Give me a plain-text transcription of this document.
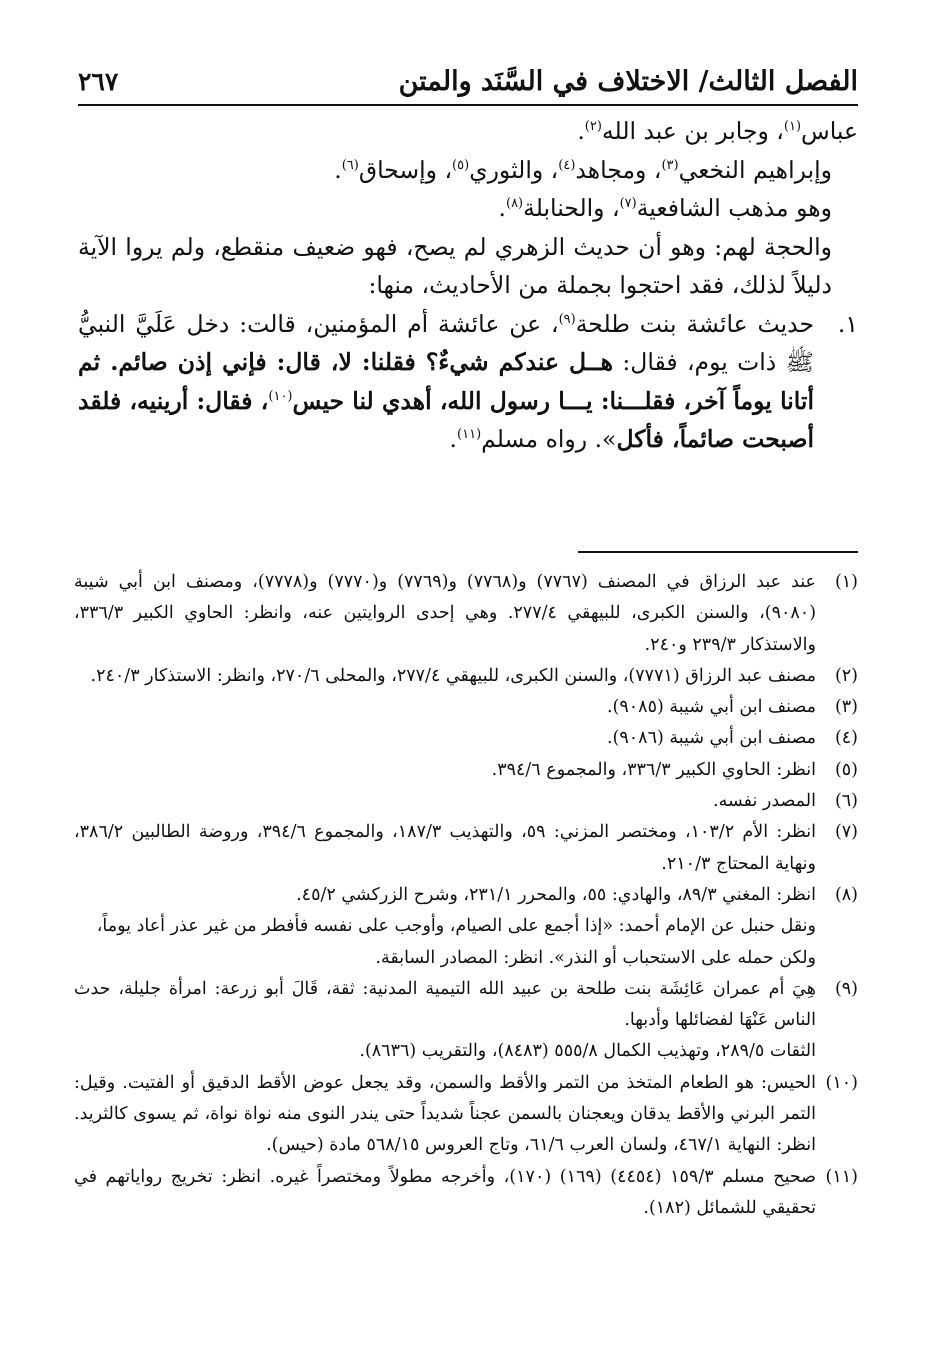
الفصل الثالث/ الاختلاف في السَّنَد والمتن
٢٦٧

عباس$^{(١)}$، وجابر بن عبد الله$^{(٢)}$.

وإبراهيم النخعي$^{(٣)}$، ومجاهد$^{(٤)}$، والثوري$^{(٥)}$، وإسحاق$^{(٦)}$.

وهو مذهب الشافعية$^{(٧)}$، والحنابلة$^{(٨)}$.

والحجة لهم: وهو أن حديث الزهري لم يصح، فهو ضعيف منقطع، ولم يروا الآية دليلاً لذلك، فقد احتجوا بجملة من الأحاديث، منها:

١.
حديث عائشة بنت طلحة$^{(٩)}$، عن عائشة أم المؤمنين، قالت: دخل عَلَيَّ النبيُّ ﷺ ذات يوم، فقال: هــل عندكم شيءٌ؟ فقلنا: لا، قال: فإني إذن صائم. ثم أتانا يوماً آخر، فقلـــنا: يـــا رسول الله، أهدي لنا حيس$^{(١٠)}$، فقال: أرينيه، فلقد أصبحت صائماً، فأكل». رواه مسلم$^{(١١)}$.
(١)
عند عبد الرزاق في المصنف (٧٧٦٧) و(٧٧٦٨) و(٧٧٦٩) و(٧٧٧٠) و(٧٧٧٨)، ومصنف ابن أبي شيبة (٩٠٨٠)، والسنن الكبرى، للبيهقي ٢٧٧/٤. وهي إحدى الروايتين عنه، وانظر: الحاوي الكبير ٣٣٦/٣، والاستذكار ٢٣٩/٣ و٢٤٠.
(٢)
مصنف عبد الرزاق (٧٧٧١)، والسنن الكبرى، للبيهقي ٢٧٧/٤، والمحلى ٢٧٠/٦، وانظر: الاستذكار ٢٤٠/٣.
(٣)
مصنف ابن أبي شيبة (٩٠٨٥).
(٤)
مصنف ابن أبي شيبة (٩٠٨٦).
(٥)
انظر: الحاوي الكبير ٣٣٦/٣، والمجموع ٣٩٤/٦.
(٦)
المصدر نفسه.
(٧)
انظر: الأم ١٠٣/٢، ومختصر المزني: ٥٩، والتهذيب ١٨٧/٣، والمجموع ٣٩٤/٦، وروضة الطالبين ٣٨٦/٢، ونهاية المحتاج ٢١٠/٣.
(٨)
انظر: المغني ٨٩/٣، والهادي: ٥٥، والمحرر ٢٣١/١، وشرح الزركشي ٤٥/٢.
ونقل حنبل عن الإمام أحمد: «إذا أجمع على الصيام، وأوجب على نفسه فأفطر من غير عذر أعاد يوماً، ولكن حمله على الاستحباب أو النذر». انظر: المصادر السابقة.
(٩)
هِيَ أم عمران عَائِشَة بنت طلحة بن عبيد الله التيمية المدنية: ثقة، قَالَ أبو زرعة: امرأة جليلة، حدث الناس عَنْهَا لفضائلها وأدبها.
الثقات ٢٨٩/٥، وتهذيب الكمال ٥٥٥/٨ (٨٤٨٣)، والتقريب (٨٦٣٦).
(١٠)
الحيس: هو الطعام المتخذ من التمر والأقط والسمن، وقد يجعل عوض الأقط الدقيق أو الفتيت. وقيل: التمر البرني والأقط يدقان ويعجنان بالسمن عجناً شديداً حتى يندر النوى منه نواة نواة، ثم يسوى كالثريد. انظر: النهاية ٤٦٧/١، ولسان العرب ٦١/٦، وتاج العروس ٥٦٨/١٥ مادة (حيس).
(١١)
صحيح مسلم ١٥٩/٣ (٤٤٥٤) (١٦٩) (١٧٠)، وأخرجه مطولاً ومختصراً غيره. انظر: تخريج رواياتهم في تحقيقي للشمائل (١٨٢).
